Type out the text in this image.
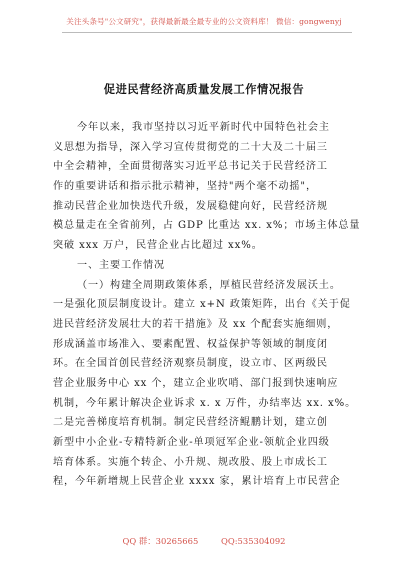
关注头条号"公文研究"，获得最新最全最专业的公文资料库！ 微信：gongwenyj
促进民营经济高质量发展工作情况报告
今年以来，我市坚持以习近平新时代中国特色社会主
义思想为指导，深入学习宣传贯彻党的二十大及二十届三
中全会精神，全面贯彻落实习近平总书记关于民营经济工
作的重要讲话和指示批示精神，坚持"两个毫不动摇"，
推动民营企业加快迭代升级，发展稳健向好，民营经济规
模总量走在全省前列，占 GDP 比重达 xx. x%；市场主体总量
突破 xxx 万户，民营企业占比超过 xx%。
一、主要工作情况
（一）构建全周期政策体系，厚植民营经济发展沃土。
一是强化顶层制度设计。建立 x+N 政策矩阵，出台《关于促
进民营经济发展壮大的若干措施》及 xx 个配套实施细则，
形成涵盖市场准入、要素配置、权益保护等领域的制度闭
环。在全国首创民营经济观察员制度，设立市、区两级民
营企业服务中心 xx 个，建立企业吹哨、部门报到快速响应
机制，今年累计解决企业诉求 x. x 万件，办结率达 xx. x%。
二是完善梯度培育机制。制定民营经济鲲鹏计划，建立创
新型中小企业-专精特新企业-单项冠军企业-领航企业四级
培育体系。实施个转企、小升规、规改股、股上市成长工
程，今年新增规上民营企业 xxxx 家，累计培育上市民营企
QQ 群：30265665	QQ:535304092
